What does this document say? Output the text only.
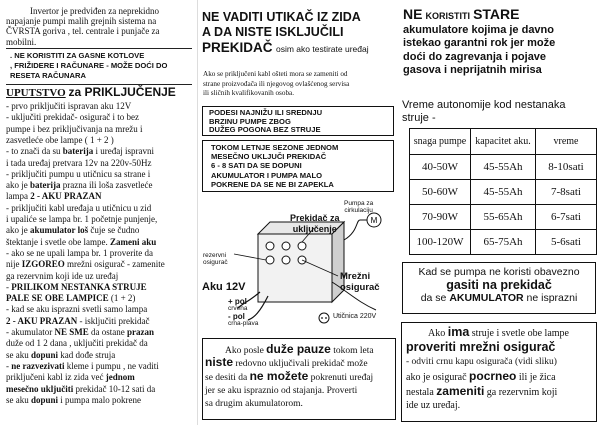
Invertor je predviđen za neprekidno
napajanje pumpi malih grejnih sistema na
ČVRSTA goriva , tel. centrale i punjače za
mobilni.
. NE KORISTITI ZA GASNE KOTLOVE
, FRIŽIDERE I RAČUNARE - MOŽE DOĆI DO
RESETA RAČUNARA
UPUTSTVO za PRIKLJUČENJE
- prvo priključiti ispravan aku 12V
- uključiti prekidač- osigurač i to bez
pumpe i bez priključivanja na mrežu i
zasvetleće obe lampe ( 1 + 2 )
- to znači da su baterija i uređaj ispravni
i tada uređaj pretvara 12v na 220v-50Hz
- priključiti pumpu u utičnicu sa strane i
ako je baterija prazna ili loša zasvetleće
lampa 2 - AKU PRAZAN
- priključiti kabl uređaja u utičnicu u zid
i upaliće se lampa br. 1 početnje punjenje,
ako je akumulator loš čuje se čudno
štektanje i svetle obe lampe. Zameni aku
- ako se ne upali lampa br. 1 proverite da
nije IZGOREO mrežni osigurač - zamenite
ga rezervnim koji ide uz uređaj
- PRILIKOM NESTANKA STRUJE
PALE SE OBE LAMPICE (1 + 2)
- kad se aku isprazni svetli samo lampa
2 - AKU PRAZAN - isključiti prekidač
- akumulator NE SME da ostane prazan
duže od 1 2 dana , uključiti prekidač da
se aku dopuni kad dođe struja
- ne razvezivati kleme i pumpu , ne vaditi
priključeni kabl iz zida već jednom
mesečno uključiti prekidač 10-12 sati da
se aku dopuni i pumpa malo pokrene
NE VADITI UTIKAČ IZ ZIDA
A DA NISTE ISKLJUČILI
PREKIDAČ osim ako testirate uređaj
Ako se priključeni kabl ošteti mora se zameniti od
strane proizvođača ili njegovog ovlašćenog servisa
ili sličnih kvalifikovanih osoba.
PODESI NAJNIŽU ILI SREDNJU
BRZINU PUMPE ZBOG
DUŽEG POGONA BEZ STRUJE
TOKOM LETNJE SEZONE JEDNOM
MESEČNO UKLJUČI PREKIDAČ
6 - 8 SATI DA SE DOPUNI
AKUMULATOR I PUMPA MALO
POKRENE DA SE NE BI ZAPEKLA
M
Pumpa za
cirkulaciju
Prekidač za
uključenje
rezervni
osigurač
Aku 12V
+ pol
crvena
- pol
crna-plava
Mrežni
osigurač
Utičnica 220V
Ako posle duže pauze tokom leta
niste redovno uključivali prekidač može
se desiti da ne možete pokrenuti uređaj
jer se aku ispraznio od stajanja. Proverti
sa drugim akumulatorom.
NE KORISTITI STARE
akumulatore kojima je davno
istekao garantni rok jer može
doći do zagrevanja i pojave
gasova i neprijatnih mirisa
Vreme autonomije kod nestanaka
struje -
snaga pumpe	kapacitet aku.	vreme
40-50W	45-55Ah	8-10sati
50-60W	45-55Ah	7-8sati
70-90W	55-65Ah	6-7sati
100-120W	65-75Ah	5-6sati
Kad se pumpa ne koristi obavezno
gasiti na prekidač
da se AKUMULATOR ne isprazni
Ako ima struje i svetle obe lampe
proveriti mrežni osigurač
- odviti crnu kapu osigurača (vidi sliku)
ako je osigurač pocrneo ili je žica
nestala zameniti ga rezervnim koji
ide uz uređaj.
